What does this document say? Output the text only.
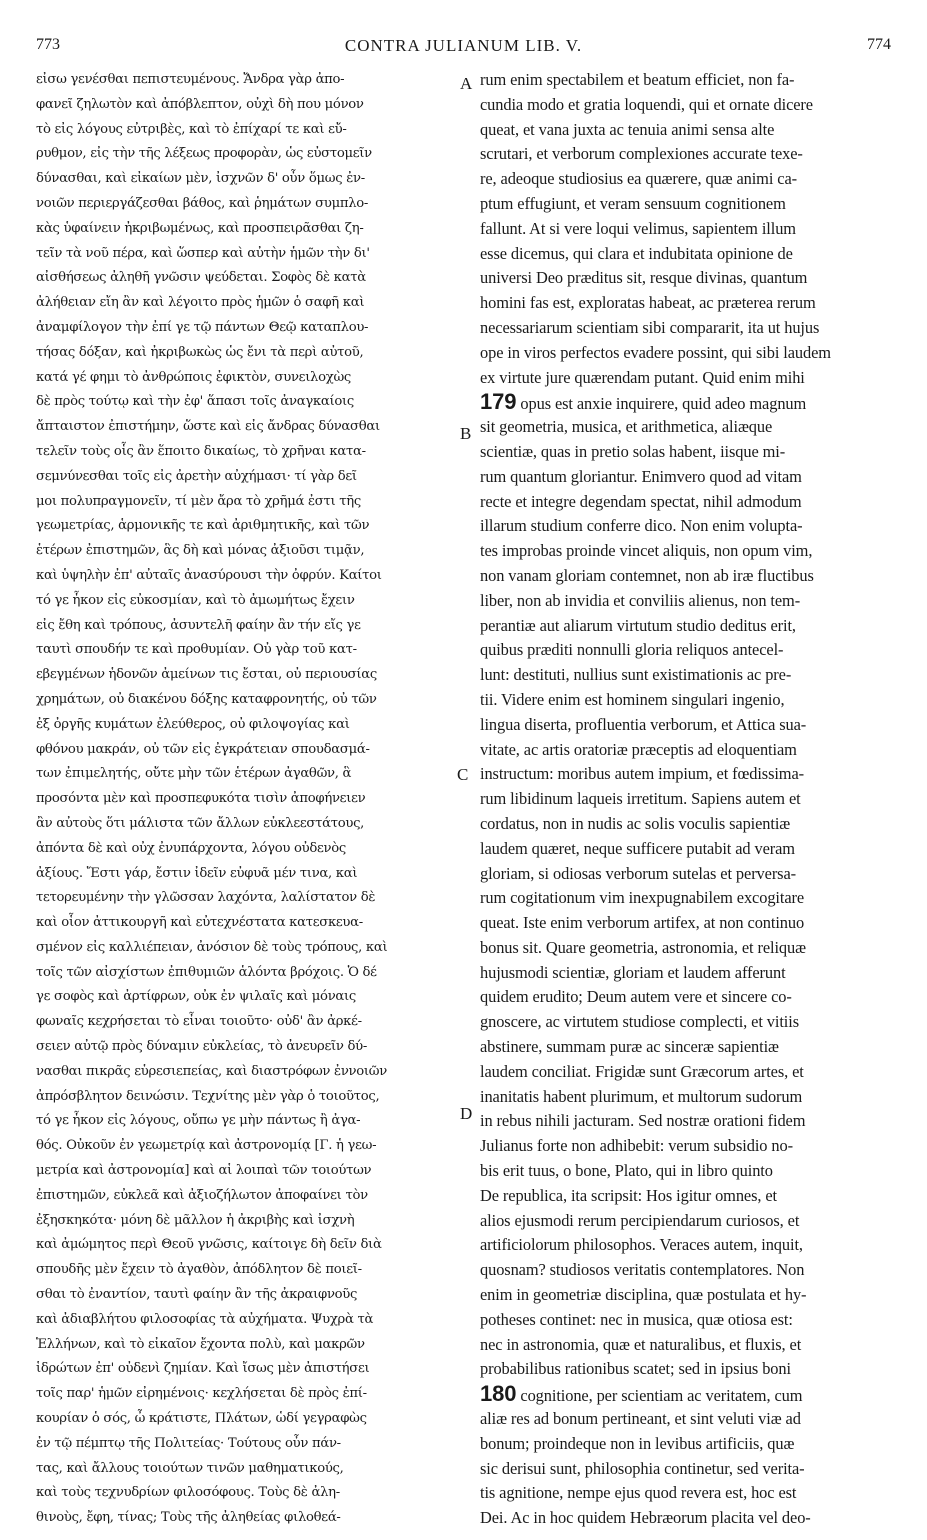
773	CONTRA JULIANUM LIB. V.	774
A
B
C
D
εἰσω γενέσθαι πεπιστευμένους. Ἄνδρα γὰρ ἀπο-
φανεῖ ζηλωτὸν καὶ ἀπόβλεπτον, οὐχὶ δὴ που μόνον
τὸ εἰς λόγους εὐτριβὲς, καὶ τὸ ἐπίχαρί τε καὶ εὔ-
ρυθμον, εἰς τὴν τῆς λέξεως προφορὰν, ὡς εὐστομεῖν
δύνασθαι, καὶ εἰκαίων μὲν, ἰσχνῶν δ' οὖν ὅμως ἐν-
νοιῶν περιεργάζεσθαι βάθος, καὶ ῥημάτων συμπλο-
κὰς ὑφαίνειν ἠκριβωμένως, καὶ προσπειρᾶσθαι ζη-
τεῖν τὰ νοῦ πέρα, καὶ ὥσπερ καὶ αὐτὴν ἡμῶν τὴν δι'
αἰσθήσεως ἀληθῆ γνῶσιν ψεύδεται. Σοφὸς δὲ κατὰ
ἀλήθειαν εἴη ἂν καὶ λέγοιτο πρὸς ἡμῶν ὁ σαφῆ καὶ
ἀναμφίλογον τὴν ἐπί γε τῷ πάντων Θεῷ καταπλου-
τήσας δόξαν, καὶ ἠκριβωκὼς ὡς ἔνι τὰ περὶ αὐτοῦ,
κατά γέ φημι τὸ ἀνθρώποις ἐφικτὸν, συνειλοχὼς
δὲ πρὸς τούτῳ καὶ τὴν ἐφ' ἅπασι τοῖς ἀναγκαίοις
ἄπταιστον ἐπιστήμην, ὥστε καὶ εἰς ἄνδρας δύνασθαι
τελεῖν τοὺς οἷς ἂν ἕποιτο δικαίως, τὸ χρῆναι κατα-
σεμνύνεσθαι τοῖς εἰς ἀρετὴν αὐχήμασι· τί γὰρ δεῖ
μοι πολυπραγμονεῖν, τί μὲν ἄρα τὸ χρῆμά ἐστι τῆς
γεωμετρίας, ἁρμονικῆς τε καὶ ἀριθμητικῆς, καὶ τῶν
ἑτέρων ἐπιστημῶν, ἃς δὴ καὶ μόνας ἀξιοῦσι τιμᾷν,
καὶ ὑψηλὴν ἐπ' αὐταῖς ἀνασύρουσι τὴν ὀφρύν. Καίτοι
τό γε ἧκον εἰς εὐκοσμίαν, καὶ τὸ ἀμωμήτως ἔχειν
εἰς ἔθη καὶ τρόπους, ἀσυντελῆ φαίην ἂν τήν εἴς γε
ταυτὶ σπουδήν τε καὶ προθυμίαν. Οὐ γὰρ τοῦ κατ-
εβεγμένων ἡδονῶν ἀμείνων τις ἔσται, οὐ περιουσίας
χρημάτων, οὐ διακένου δόξης καταφρονητής, οὐ τῶν
ἐξ ὀργῆς κυμάτων ἐλεύθερος, οὐ φιλοψογίας καὶ
φθόνου μακράν, οὐ τῶν εἰς ἐγκράτειαν σπουδασμά-
των ἐπιμελητής, οὔτε μὴν τῶν ἑτέρων ἀγαθῶν, ἃ
προσόντα μὲν καὶ προσπεφυκότα τισὶν ἀποφήνειεν
ἂν αὐτοὺς ὅτι μάλιστα τῶν ἄλλων εὐκλεεστάτους,
ἀπόντα δὲ καὶ οὐχ ἐνυπάρχοντα, λόγου οὐδενὸς
ἀξίους. Ἔστι γάρ, ἔστιν ἰδεῖν εὐφυᾶ μέν τινα, καὶ
τετορευμένην τὴν γλῶσσαν λαχόντα, λαλίστατον δὲ
καὶ οἷον ἀττικουργῆ καὶ εὐτεχνέστατα κατεσκευα-
σμένον εἰς καλλιέπειαν, ἀνόσιον δὲ τοὺς τρόπους, καὶ
τοῖς τῶν αἰσχίστων ἐπιθυμιῶν ἁλόντα βρόχοις. Ὁ δέ
γε σοφὸς καὶ ἀρτίφρων, οὐκ ἐν ψιλαῖς καὶ μόναις
φωναῖς κεχρήσεται τὸ εἶναι τοιοῦτο· οὐδ' ἂν ἀρκέ-
σειεν αὐτῷ πρὸς δύναμιν εὐκλείας, τὸ ἀνευρεῖν δύ-
νασθαι πικρᾶς εὑρεσιεπείας, καὶ διαστρόφων ἐννοιῶν
ἀπρόσβλητον δεινώσιν. Τεχνίτης μὲν γὰρ ὁ τοιοῦτος,
τό γε ἧκον εἰς λόγους, οὔπω γε μὴν πάντως ἢ ἀγα-
θός. Οὐκοῦν ἐν γεωμετρίᾳ καὶ ἀστρονομίᾳ [Γ. ἡ γεω-
μετρία καὶ ἀστρονομία] καὶ αἱ λοιπαὶ τῶν τοιούτων
ἐπιστημῶν, εὐκλεᾶ καὶ ἀξιοζήλωτον ἀποφαίνει τὸν
ἐξησκηκότα· μόνη δὲ μᾶλλον ἡ ἀκριβὴς καὶ ἰσχνὴ
καὶ ἀμώμητος περὶ Θεοῦ γνῶσις, καίτοιγε δὴ δεῖν διὰ
σπουδῆς μὲν ἔχειν τὸ ἀγαθὸν, ἀπόδλητον δὲ ποιεῖ-
σθαι τὸ ἐναντίον, ταυτὶ φαίην ἂν τῆς ἀκραιφνοῦς
καὶ ἀδιαβλήτου φιλοσοφίας τὰ αὐχήματα. Ψυχρὰ τὰ
Ἑλλήνων, καὶ τὸ εἰκαῖον ἔχοντα πολὺ, καὶ μακρῶν
ἱδρώτων ἐπ' οὐδενὶ ζημίαν. Καὶ ἴσως μὲν ἀπιστήσει
τοῖς παρ' ἡμῶν εἰρημένοις· κεχλήσεται δὲ πρὸς ἐπί-
κουρίαν ὁ σός, ὦ κράτιστε, Πλάτων, ὡδί γεγραφὼς
ἐν τῷ πέμπτῳ τῆς Πολιτείας· Τούτους οὖν πάν-
τας, καὶ ἄλλους τοιούτων τινῶν μαθηματικούς,
καὶ τοὺς τεχνυδρίων φιλοσόφους. Τοὺς δὲ ἀλη-
θινοὺς, ἔφη, τίνας; Τοὺς τῆς ἀληθείας φιλοθεά-
rum enim spectabilem et beatum efficiet, non fa-
cundia modo et gratia loquendi, qui et ornate dicere
queat, et vana juxta ac tenuia animi sensa alte
scrutari, et verborum complexiones accurate texe-
re, adeoque studiosius ea quærere, quæ animi ca-
ptum effugiunt, et veram sensuum cognitionem
fallunt. At si vere loqui velimus, sapientem illum
esse dicemus, qui clara et indubitata opinione de
universi Deo præditus sit, resque divinas, quantum
homini fas est, exploratas habeat, ac præterea rerum
necessariarum scientiam sibi compararit, ita ut hujus
ope in viros perfectos evadere possint, qui sibi laudem
ex virtute jure quærendam putant. Quid enim mihi
179 opus est anxie inquirere, quid adeo magnum
sit geometria, musica, et arithmetica, aliæque
scientiæ, quas in pretio solas habent, iisque mi-
rum quantum gloriantur. Enimvero quod ad vitam
recte et integre degendam spectat, nihil admodum
illarum studium conferre dico. Non enim volupta-
tes improbas proinde vincet aliquis, non opum vim,
non vanam gloriam contemnet, non ab iræ fluctibus
liber, non ab invidia et conviliis alienus, non tem-
perantiæ aut aliarum virtutum studio deditus erit,
quibus præditi nonnulli gloria reliquos antecel-
lunt: destituti, nullius sunt existimationis ac pre-
tii. Videre enim est hominem singulari ingenio,
lingua diserta, profluentia verborum, et Attica sua-
vitate, ac artis oratoriæ præceptis ad eloquentiam
instructum: moribus autem impium, et fœdissima-
rum libidinum laqueis irretitum. Sapiens autem et
cordatus, non in nudis ac solis voculis sapientiæ
laudem quæret, neque sufficere putabit ad veram
gloriam, si odiosas verborum sutelas et perversa-
rum cogitationum vim inexpugnabilem excogitare
queat. Iste enim verborum artifex, at non continuo
bonus sit. Quare geometria, astronomia, et reliquæ
hujusmodi scientiæ, gloriam et laudem afferunt
quidem erudito; Deum autem vere et sincere co-
gnoscere, ac virtutem studiose complecti, et vitiis
abstinere, summam puræ ac sinceræ sapientiæ
laudem conciliat. Frigidæ sunt Græcorum artes, et
inanitatis habent plurimum, et multorum sudorum
in rebus nihili jacturam. Sed nostræ orationi fidem
Julianus forte non adhibebit: verum subsidio no-
bis erit tuus, o bone, Plato, qui in libro quinto
De republica, ita scripsit: Hos igitur omnes, et
alios ejusmodi rerum percipiendarum curiosos, et
artificiolorum philosophos. Veraces autem, inquit,
quosnam? studiosos veritatis contemplatores. Non
enim in geometriæ disciplina, quæ postulata et hy-
potheses continet: nec in musica, quæ otiosa est:
nec in astronomia, quæ et naturalibus, et fluxis, et
probabilibus rationibus scatet; sed in ipsius boni
180 cognitione, per scientiam ac veritatem, cum
aliæ res ad bonum pertineant, et sint veluti viæ ad
bonum; proindeque non in levibus artificiis, quæ
sic derisui sunt, philosophia continetur, sed verita-
tis agnitione, nempe ejus quod revera est, hoc est
Dei. Ac in hoc quidem Hebræorum placita vel deo-
